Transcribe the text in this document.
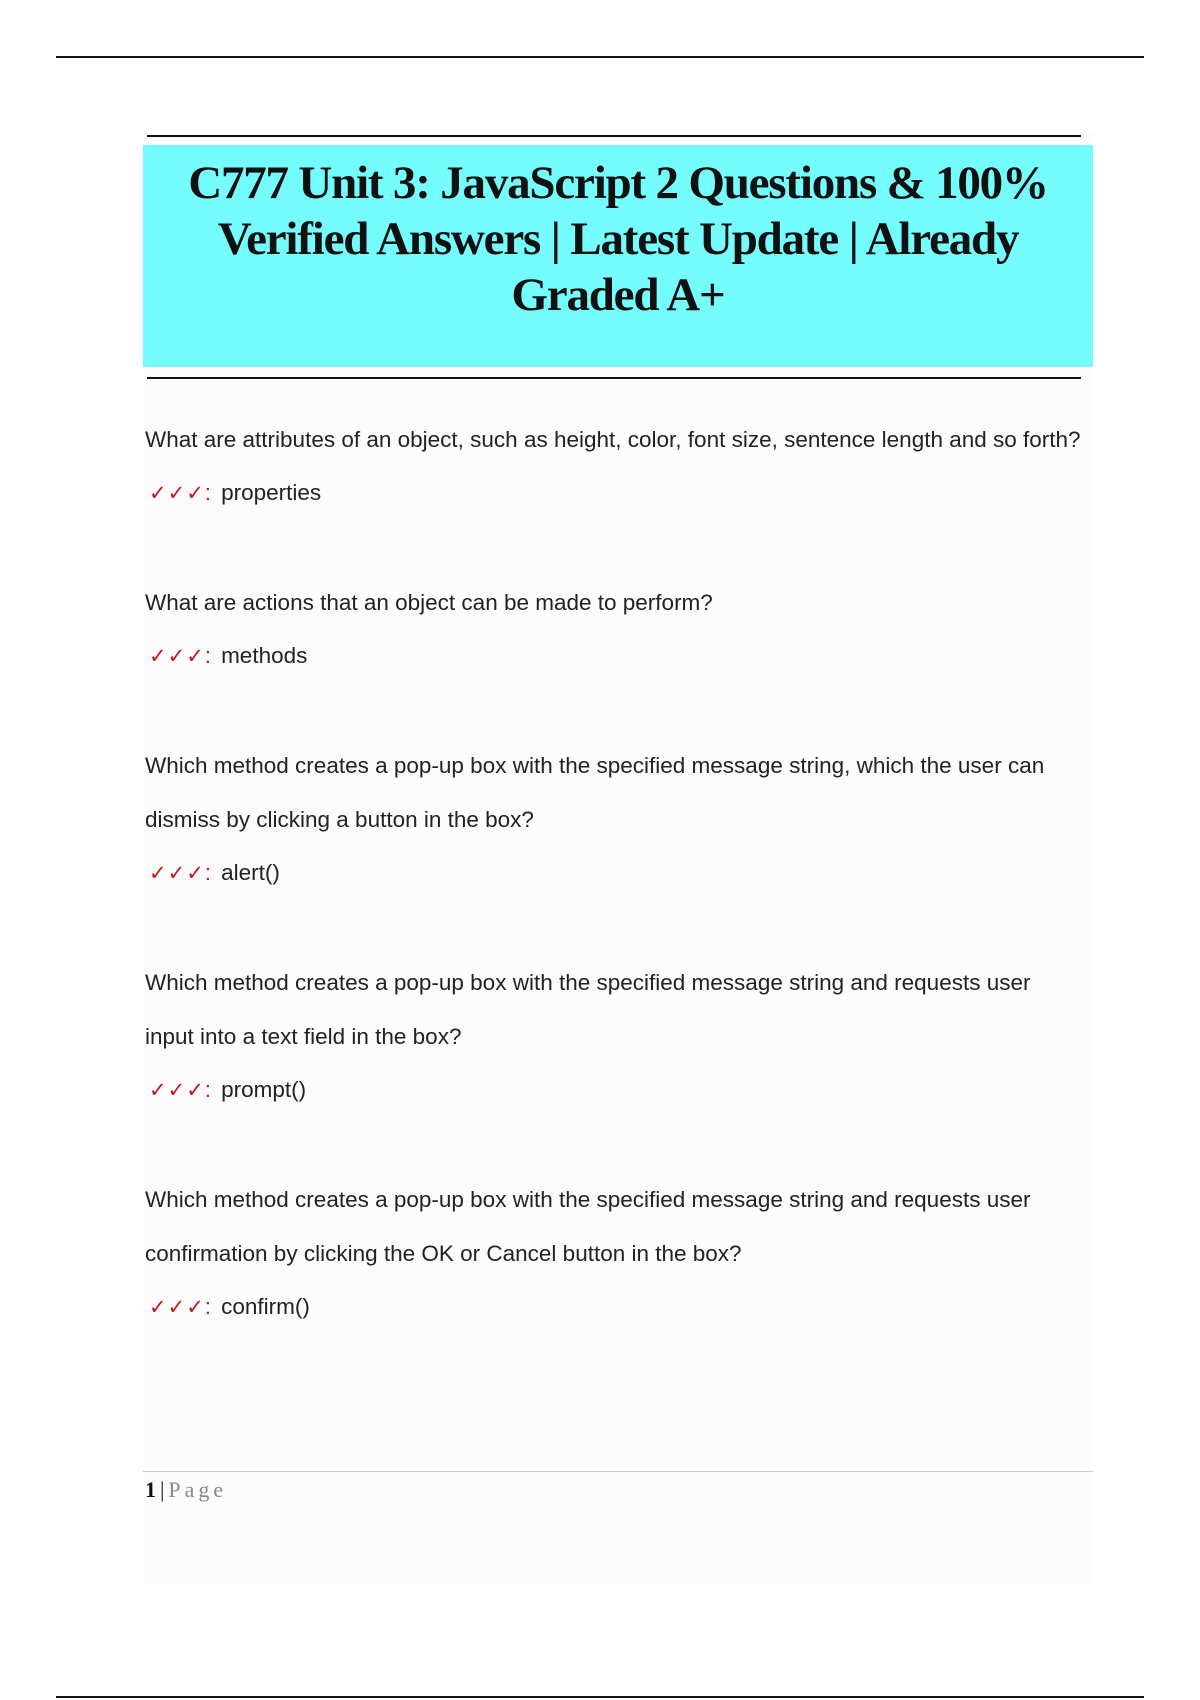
C777 Unit 3: JavaScript 2 Questions & 100% Verified Answers | Latest Update | Already Graded A+

What are attributes of an object, such as height, color, font size, sentence length and so forth?

✓✓✓ : properties

What are actions that an object can be made to perform?

✓✓✓ : methods

Which method creates a pop-up box with the specified message string, which the user can dismiss by clicking a button in the box?

✓✓✓ : alert()

Which method creates a pop-up box with the specified message string and requests user input into a text field in the box?

✓✓✓ : prompt()

Which method creates a pop-up box with the specified message string and requests user confirmation by clicking the OK or Cancel button in the box?

✓✓✓ : confirm()
1 | Page
